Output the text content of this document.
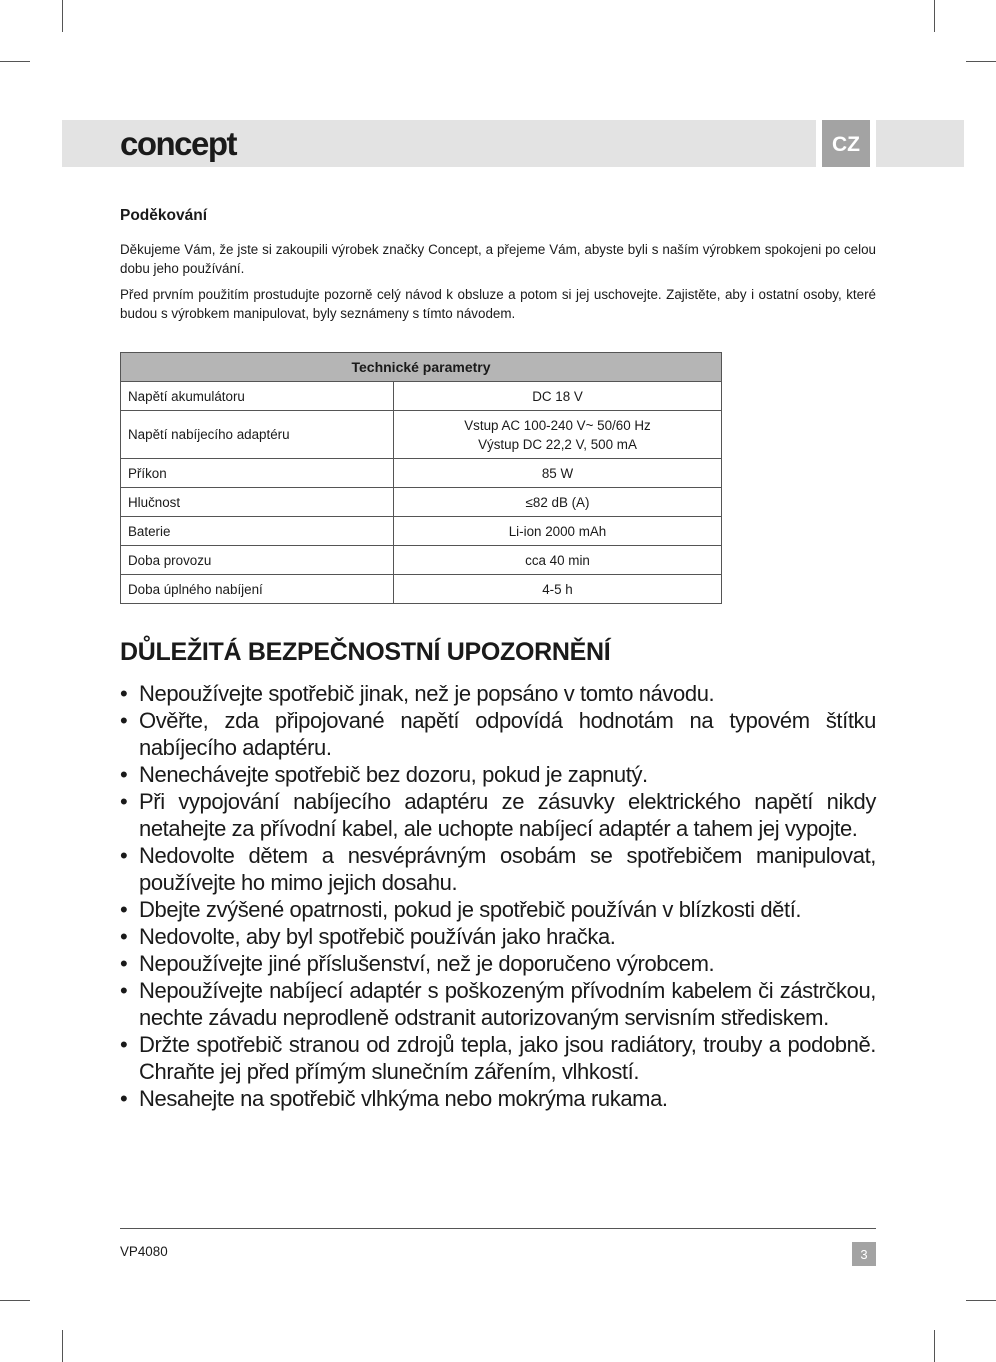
concept	CZ
Poděkování

Děkujeme Vám, že jste si zakoupili výrobek značky Concept, a přejeme Vám, abyste byli s naším výrobkem spokojeni po celou dobu jeho používání.

Před prvním použitím prostudujte pozorně celý návod k obsluze a potom si jej uschovejte. Zajistěte, aby i ostatní osoby, které budou s výrobkem manipulovat, byly seznámeny s tímto návodem.

Technické parametry	
Napětí akumulátoru	DC 18 V
Napětí nabíjecího adaptéru	Vstup AC 100-240 V~ 50/60 Hz
Výstup DC 22,2 V, 500 mA

Příkon	85 W
Hlučnost	≤82 dB (A)
Baterie	Li-ion 2000 mAh
Doba provozu	cca 40 min
Doba úplného nabíjení	4-5 h
DŮLEŽITÁ BEZPEČNOSTNÍ UPOZORNĚNÍ
• Nepoužívejte spotřebič jinak, než je popsáno v tomto návodu.
• Ověřte, zda připojované napětí odpovídá hodnotám na typovém štítku nabíjecího adaptéru.
• Nenechávejte spotřebič bez dozoru, pokud je zapnutý.
• Při vypojování nabíjecího adaptéru ze zásuvky elektrického napětí nikdy netahejte za přívodní kabel, ale uchopte nabíjecí adaptér a tahem jej vypojte.
• Nedovolte dětem a nesvéprávným osobám se spotřebičem manipulovat, používejte ho mimo jejich dosahu.
• Dbejte zvýšené opatrnosti, pokud je spotřebič používán v blízkosti dětí.
• Nedovolte, aby byl spotřebič používán jako hračka.
• Nepoužívejte jiné příslušenství, než je doporučeno výrobcem.
• Nepoužívejte nabíjecí adaptér s poškozeným přívodním kabelem či zástrčkou, nechte závadu neprodleně odstranit autorizovaným servisním střediskem.
• Držte spotřebič stranou od zdrojů tepla, jako jsou radiátory, trouby a podobně. Chraňte jej před přímým slunečním zářením, vlhkostí.
• Nesahejte na spotřebič vlhkýma nebo mokrýma rukama.
VP4080	3
